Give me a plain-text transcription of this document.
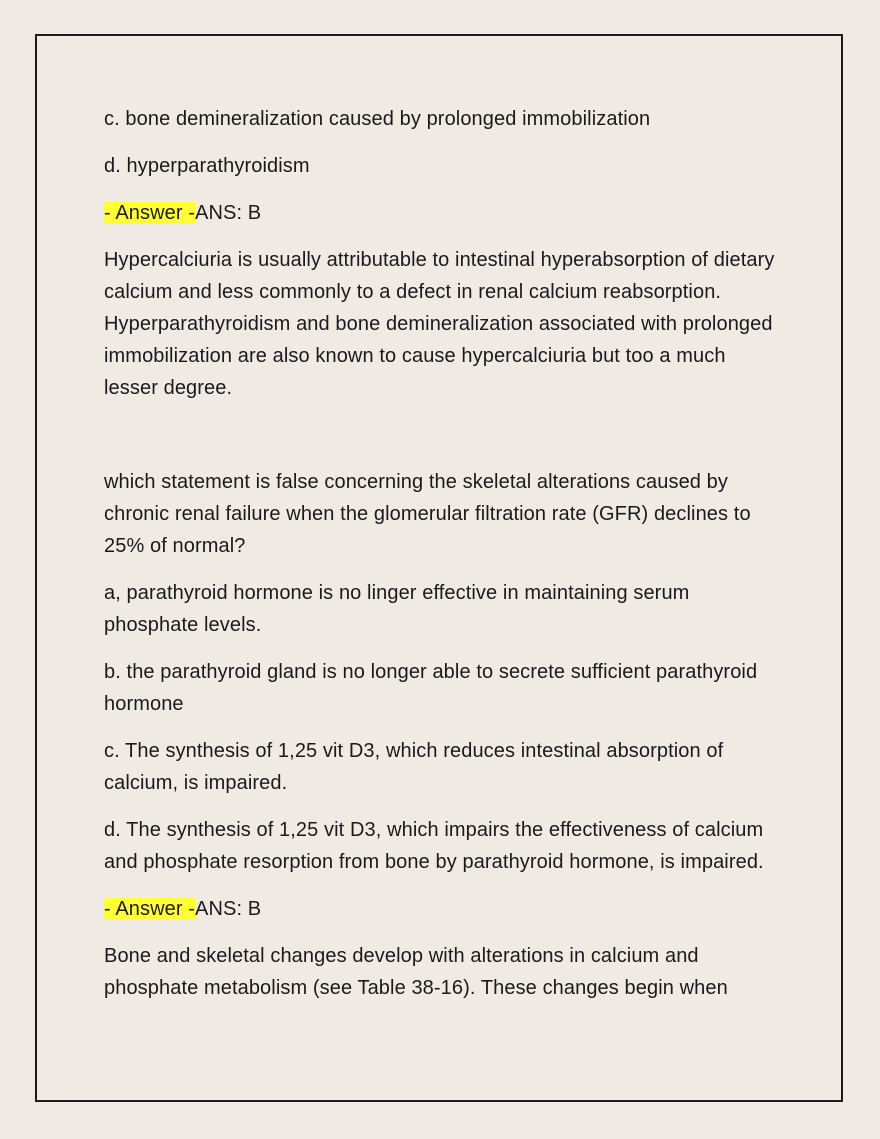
c. bone demineralization caused by prolonged immobilization

d. hyperparathyroidism

- Answer -ANS: B

Hypercalciuria is usually attributable to intestinal hyperabsorption of dietary calcium and less commonly to a defect in renal calcium reabsorption. Hyperparathyroidism and bone demineralization associated with prolonged immobilization are also known to cause hypercalciuria but too a much lesser degree.

which statement is false concerning the skeletal alterations caused by chronic renal failure when the glomerular filtration rate (GFR) declines to 25% of normal?

a, parathyroid hormone is no linger effective in maintaining serum phosphate levels.

b. the parathyroid gland is no longer able to secrete sufficient parathyroid hormone

c. The synthesis of 1,25 vit D3, which reduces intestinal absorption of calcium, is impaired.

d. The synthesis of 1,25 vit D3, which impairs the effectiveness of calcium and phosphate resorption from bone by parathyroid hormone, is impaired.

- Answer -ANS: B

Bone and skeletal changes develop with alterations in calcium and phosphate metabolism (see Table 38-16). These changes begin when
